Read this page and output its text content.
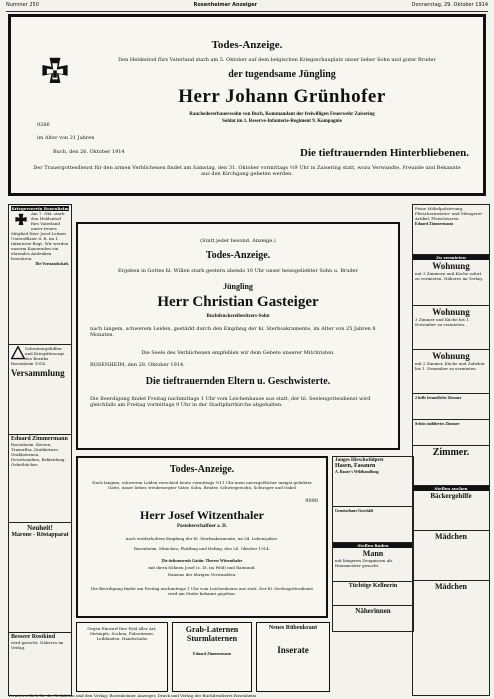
Nummer 250	Rosenheimer Anzeiger	Donnerstag, 29. Oktober 1914
Todes-Anzeige.
Den Heldentod fürs Vaterland starb am 5. Oktober auf dem belgischen Kriegsschauplatz unser lieber Sohn und guter Bruder
der tugendsame Jüngling
Herr Johann Grünhofer
Rauchedererbauerssohn von Buch, Kommandant der freiwilligen Feuerwehr Zaisering
Soldat im 1. Reserve-Infanterie-Regiment 9. Kompagnie
0266
im Alter von 21 Jahren
Buch, den 26. Oktober 1914	Die tieftrauernden Hinterbliebenen.
Der Trauergottesdienst für den armen Verblichenen findet am Samstag, den 31. Oktober vormittags ½9 Uhr in Zaisering statt, wozu Verwandte, Freunde und Bekannte aus den Kirchgang gebeten werden.
Kriegerverein Rosenheim
Am 7. Okt. starb den Heldentod fürs Vaterland unser treues Mitglied Herr Josef Leitner Unteroffizier d. R. im 1. Infanterie-Regt. Wir werden unserm Kameraden ein ehrendes Andenken bewahren.
Die Vorstandschaft.
Schreinergehilfen- und Kriegsfürsorge des Bezirks Rosenheim 1914.
Versammlung
Eduard Zimmermann
Rosenheim. Kerzen, Trauerflor, Grabkränze, Grablaternen, Devotionalien, Bekleidung, Gebetbücher.
Neuheit!
Marone - Röstapparat
Bessere Rostkind
wird gesucht. Näheres im Verlag.
(Statt jeder besond. Anzeige.)
Todes-Anzeige.
Ergeben in Gottes hl. Willen starb gestern abends 10 Uhr unser heissgeliebter Sohn u. Bruder
Jüngling
Herr Christian Gasteiger
Buchdruckereibesitzers-Sohn
nach langem, schwerem Leiden, gestärkt durch den Empfang der hl. Sterbsakramente, im Alter von 25 Jahren 8 Monaten.
Die Seele des Verblichenen empfehlen wir dem Gebete unserer Mitchristen.
ROSENHEIM, den 28. Oktober 1914.
Die tieftrauernden Eltern u. Geschwisterte.
Die Beerdigung findet Freitag nachmittags 1 Uhr vom Leichenhause aus statt, der hl. Seelengottesdienst wird gleichfalls am Freitag vormittags 9 Uhr in der Stadtpfarrkirche abgehalten.
Todes-Anzeige.
Nach langem, schwerem Leiden verschied heute vormittags ½11 Uhr mein unvergeßlicher innigst geliebter Gatte, unser lieber, treubesorgter Vater, Sohn, Bruder, Schwiegersohn, Schwager und Onkel
9090
Herr Josef Witzenthaler
Postoberschaffner a. D.
nach wiederholtem Empfang der hl. Sterbsakramente, im 54. Lebensjahre.
Rosenheim, München, Plattling und Hofing, den 28. Oktober 1914.
Die tieftrauernde Gattin: Therese Witzenthaler
mit ihren Söhnen Josef (z. Zt. im Feld) und Raimund.
Namens der übrigen Verwandten.
Die Beerdigung findet am Freitag nachmittags 1 Uhr vom Leichenhause aus statt. Der hl. Seelengottesdienst wird am Grabe bekannt gegeben.
Junges Hirschwildpret
Hasen, Fasanen
A. Bauer's Wildhandlung
Gemüsehaus-Geschäft
Stellen finden
Mann
mit längeren Zeugnissen als Hausmeister gesucht.
Tüchtige Kellnerin
Näherinnen
Feine Möbelpolsterung, Fleischermeister- und Metzgerei-Artikel, Fleischwaren
Eduard Zimmermann
Zu vermieten
Wohnung
mit 3 Zimmern und Küche sofort zu vermieten. Näheres im Verlag.
Wohnung
3 Zimmer und Küche bis 1. November zu vermieten.
Wohnung
mit 2 Zimmer, Küche und Zubehör bis 1. Dezember zu vermieten.
2 helle freundliche Zimmer
Schön möbliertes Zimmer
Zimmer.
Stellen suchen
Bäckergehilfe
Mädchen
Mädchen
Gegen Einwurf fürs Feld aller Art, Strümpfe, Socken, Pulswärmer, Leibbinden, Handschuhe
Grab-Laternen
Sturmlaternen
Eduard Zimmermann
Neues Rübenkraut
Inserate
Verantwortlich für die Redaktion und den Verlag: Rosenheimer Anzeiger, Druck und Verlag der Buchdruckerei Rosenheim
